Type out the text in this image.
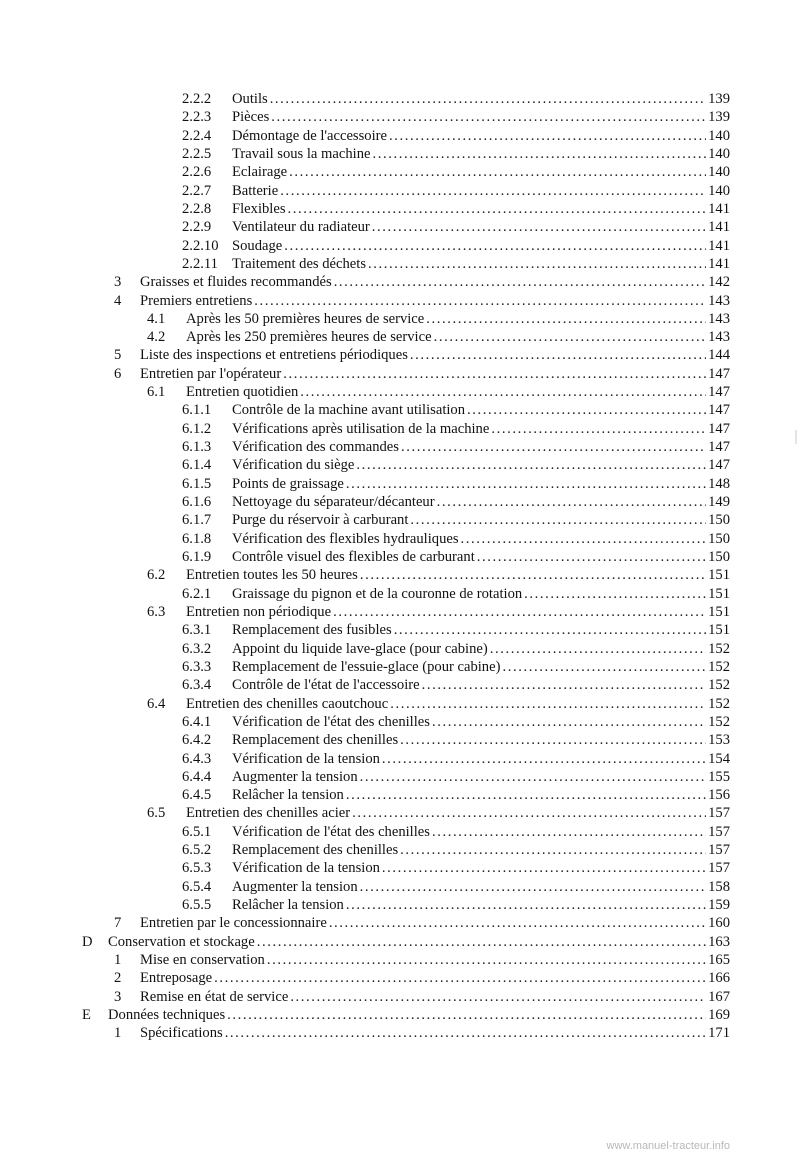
2.2.2 Outils .....	139
2.2.3 Pièces .....	139
2.2.4 Démontage de l'accessoire .....	140
2.2.5 Travail sous la machine .....	140
2.2.6 Eclairage .....	140
2.2.7 Batterie .....	140
2.2.8 Flexibles .....	141
2.2.9 Ventilateur du radiateur .....	141
2.2.10 Soudage .....	141
2.2.11 Traitement des déchets .....	141
3 Graisses et fluides recommandés .....	142
4 Premiers entretiens .....	143
4.1 Après les 50 premières heures de service .....	143
4.2 Après les 250 premières heures de service .....	143
5 Liste des inspections et entretiens périodiques .....	144
6 Entretien par l'opérateur .....	147
6.1 Entretien quotidien .....	147
6.1.1 Contrôle de la machine avant utilisation .....	147
6.1.2 Vérifications après utilisation de la machine .....	147
6.1.3 Vérification des commandes .....	147
6.1.4 Vérification du siège .....	147
6.1.5 Points de graissage .....	148
6.1.6 Nettoyage du séparateur/décanteur .....	149
6.1.7 Purge du réservoir à carburant .....	150
6.1.8 Vérification des flexibles hydrauliques .....	150
6.1.9 Contrôle visuel des flexibles de carburant .....	150
6.2 Entretien toutes les 50 heures .....	151
6.2.1 Graissage du pignon et de la couronne de rotation .....	151
6.3 Entretien non périodique .....	151
6.3.1 Remplacement des fusibles .....	151
6.3.2 Appoint du liquide lave-glace (pour cabine) .....	152
6.3.3 Remplacement de l'essuie-glace (pour cabine) .....	152
6.3.4 Contrôle de l'état de l'accessoire .....	152
6.4 Entretien des chenilles caoutchouc .....	152
6.4.1 Vérification de l'état des chenilles .....	152
6.4.2 Remplacement des chenilles .....	153
6.4.3 Vérification de la tension .....	154
6.4.4 Augmenter la tension .....	155
6.4.5 Relâcher la tension .....	156
6.5 Entretien des chenilles acier .....	157
6.5.1 Vérification de l'état des chenilles .....	157
6.5.2 Remplacement des chenilles .....	157
6.5.3 Vérification de la tension .....	157
6.5.4 Augmenter la tension .....	158
6.5.5 Relâcher la tension .....	159
7 Entretien par le concessionnaire .....	160
D Conservation et stockage .....	163
1 Mise en conservation .....	165
2 Entreposage .....	166
3 Remise en état de service .....	167
E Données techniques .....	169
1 Spécifications .....	171
www.manuel-tracteur.info
